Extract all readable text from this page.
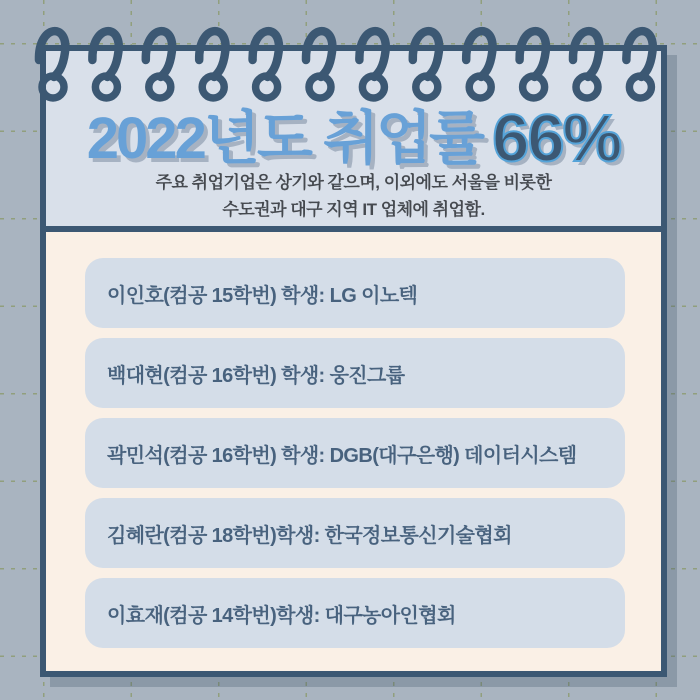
2022년도 취업률 66%
주요 취업기업은 상기와 같으며, 이외에도 서울을 비롯한
수도권과 대구 지역 IT 업체에 취업함.
이인호(컴공 15학번) 학생: LG 이노텍
백대현(컴공 16학번) 학생: 웅진그룹
곽민석(컴공 16학번) 학생: DGB(대구은행) 데이터시스템
김혜란(컴공 18학번)학생: 한국정보통신기술협회
이효재(컴공 14학번)학생: 대구농아인협회
